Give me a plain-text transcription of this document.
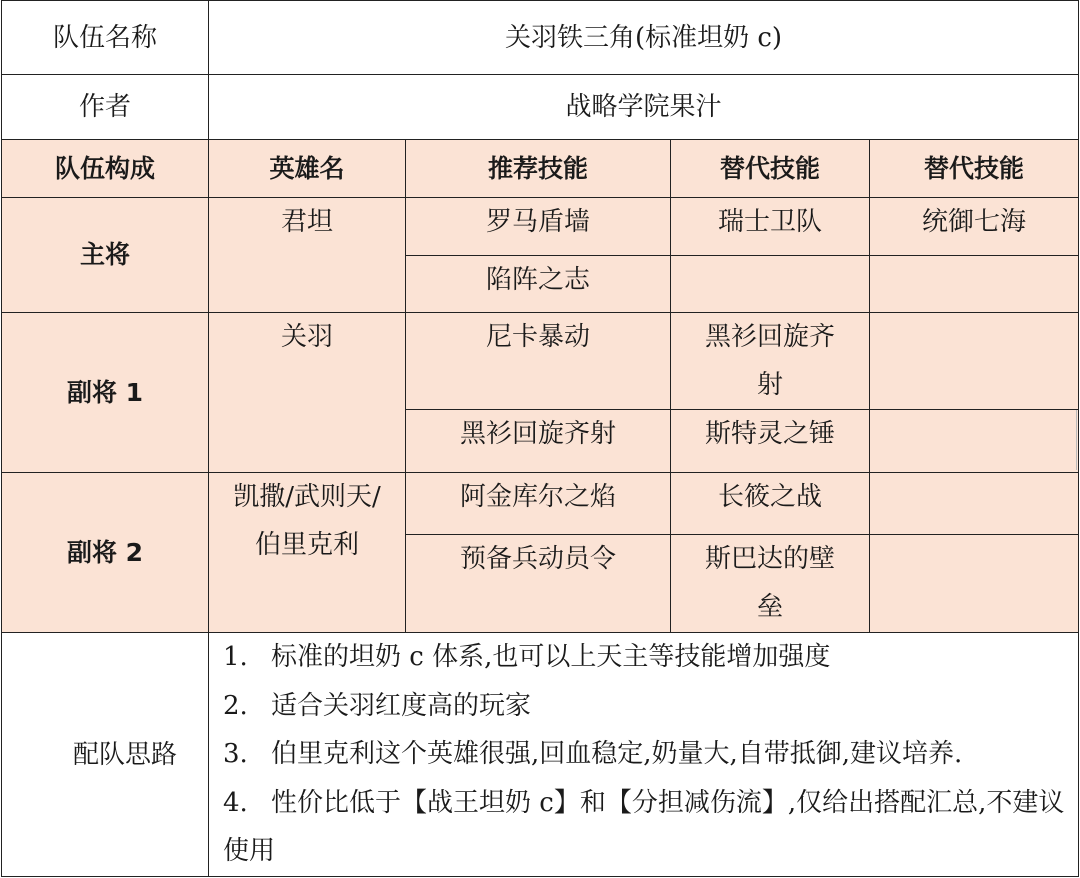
队伍名称	关羽铁三角(标准坦奶 c)			
作者	战略学院果汁			
队伍构成	英雄名	推荐技能	替代技能	替代技能
主将	君坦	罗马盾墙	瑞士卫队	统御七海
		陷阵之志		
副将 1	关羽	尼卡暴动	黑衫回旋齐射	
		黑衫回旋齐射	斯特灵之锤	
副将 2	凯撒/武则天/伯里克利	阿金库尔之焰	长筱之战	
		预备兵动员令	斯巴达的壁垒	
配队思路	1. 标准的坦奶 c 体系,也可以上天主等技能增加强度
2. 适合关羽红度高的玩家
3. 伯里克利这个英雄很强,回血稳定,奶量大,自带抵御,建议培养.
4. 性价比低于【战王坦奶 c】和【分担减伤流】,仅给出搭配汇总,不建议使用			
